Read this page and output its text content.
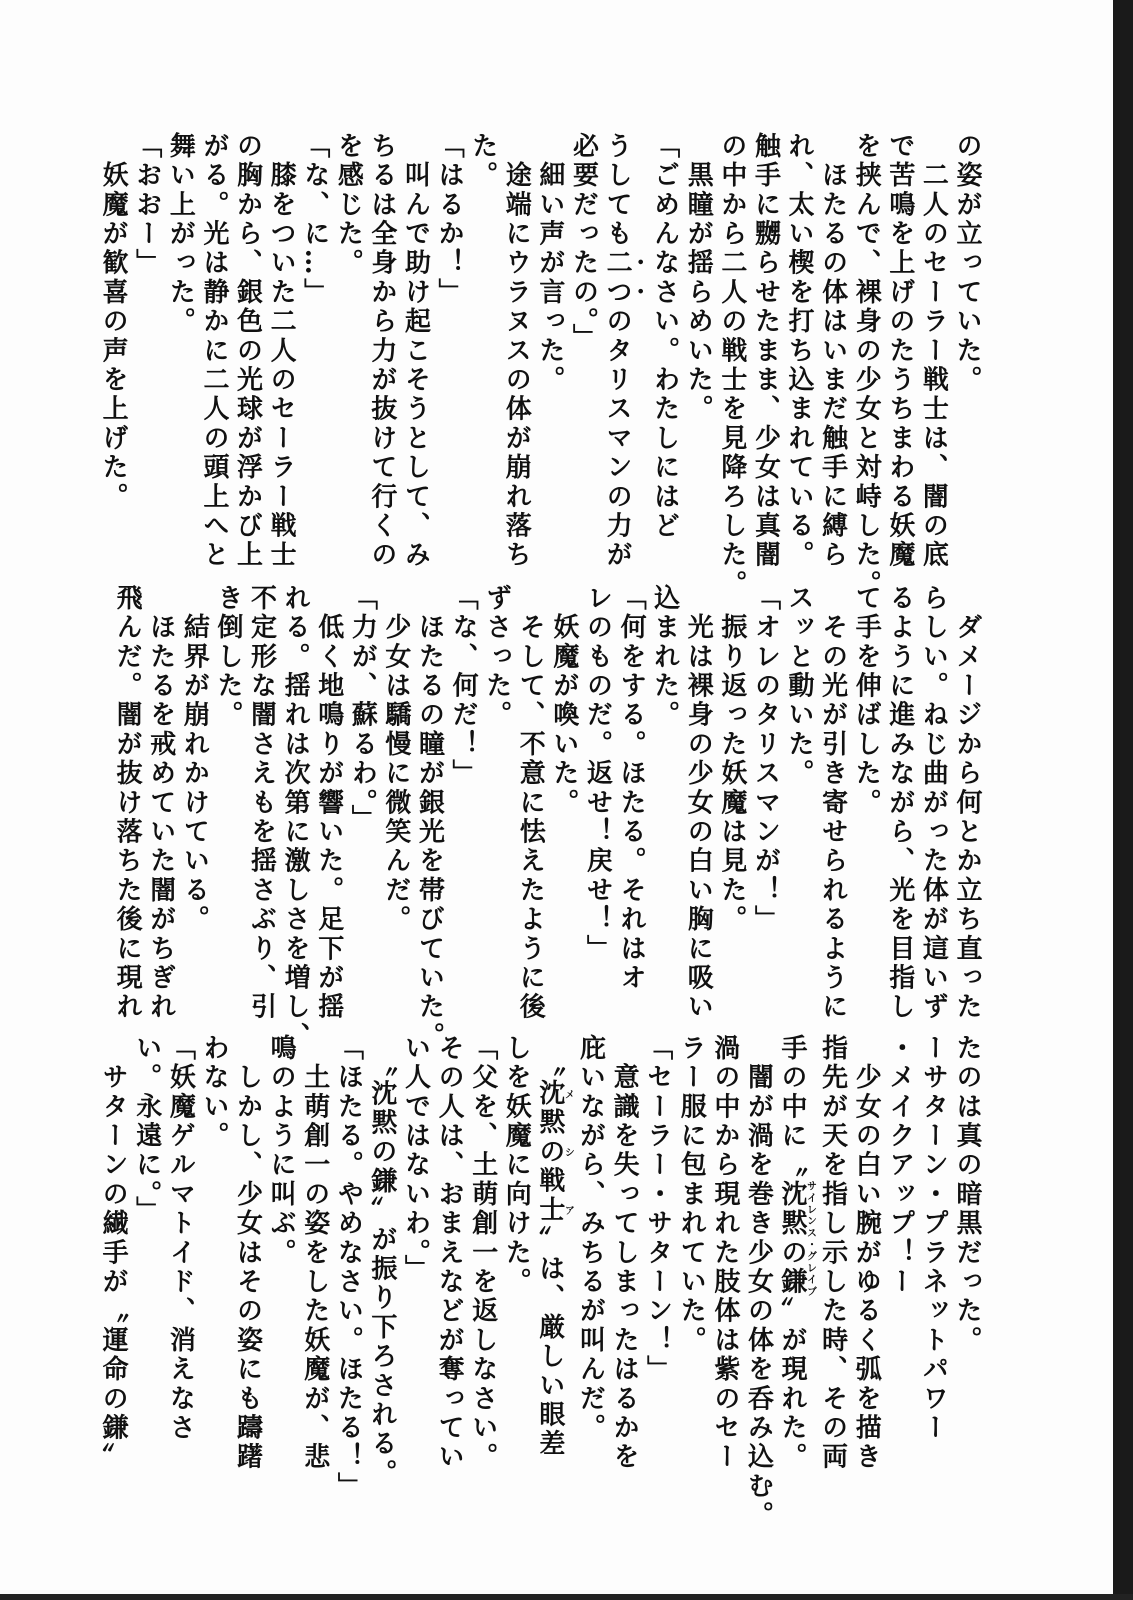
の姿が立っていた。
　二人のセーラー戦士は、闇の底
で苦鳴を上げのたうちまわる妖魔
を挟んで、裸身の少女と対峙した。
　ほたるの体はいまだ触手に縛ら
れ、太い楔を打ち込まれている。
触手に嬲らせたまま、少女は真闇
の中から二人の戦士を見降ろした。
　黒瞳が揺らめいた。
「ごめんなさい。わたしにはど
うしても二つのタリスマンの力が
必要だったの。」
　細い声が言った。
　途端にウラヌスの体が崩れ落ち
た。
「はるか！」
　叫んで助け起こそうとして、み
ちるは全身から力が抜けて行くの
を感じた。
「な、に…」
　膝をついた二人のセーラー戦士
の胸から、銀色の光球が浮かび上
がる。光は静かに二人の頭上へと
舞い上がった。
「おおー」
　妖魔が歓喜の声を上げた。
　ダメージから何とか立ち直った
らしい。ねじ曲がった体が這いず
るように進みながら、光を目指し
て手を伸ばした。
　その光が引き寄せられるように
スッと動いた。
「オレのタリスマンが！」
　振り返った妖魔は見た。
　光は裸身の少女の白い胸に吸い
込まれた。
「何をする。ほたる。それはオ
レのものだ。返せ！戻せ！」
　妖魔が喚いた。
　そして、不意に怯えたように後
ずさった。
「な、何だ！」
　ほたるの瞳が銀光を帯びていた。
　少女は驕慢に微笑んだ。
「力が、蘇るわ。」
　低く地鳴りが響いた。足下が揺
れる。揺れは次第に激しさを増し、
不定形な闇さえもを揺さぶり、引
き倒した。
　結界が崩れかけている。
　ほたるを戒めていた闇がちぎれ
飛んだ。闇が抜け落ちた後に現れ
たのは真の暗黒だった。
ーサターン・プラネットパワー
・メイクアップ！ー
　少女の白い腕がゆるく弧を描き
指先が天を指し示した時、その両
手の中に〝沈黙の鎌サイレンス・グレイブ〟が現れた。
　闇が渦を巻き少女の体を呑み込む。
渦の中から現れた肢体は紫のセー
ラー服に包まれていた。
「セーラー・サターン！」
　意識を失ってしまったはるかを
庇いながら、みちるが叫んだ。
　〝沈黙の戦士メシア〟は、厳しい眼差
しを妖魔に向けた。
「父を、土萌創一を返しなさい。
その人は、おまえなどが奪ってい
い人ではないわ。」
　〝沈黙の鎌〟が振り下ろされる。
「ほたる。やめなさい。ほたる！」
　土萌創一の姿をした妖魔が、悲
鳴のように叫ぶ。
　しかし、少女はその姿にも躊躇
わない。
「妖魔ゲルマトイド、消えなさ
い。永遠に。」
　サターンの繊手が〝運命の鎌〟
